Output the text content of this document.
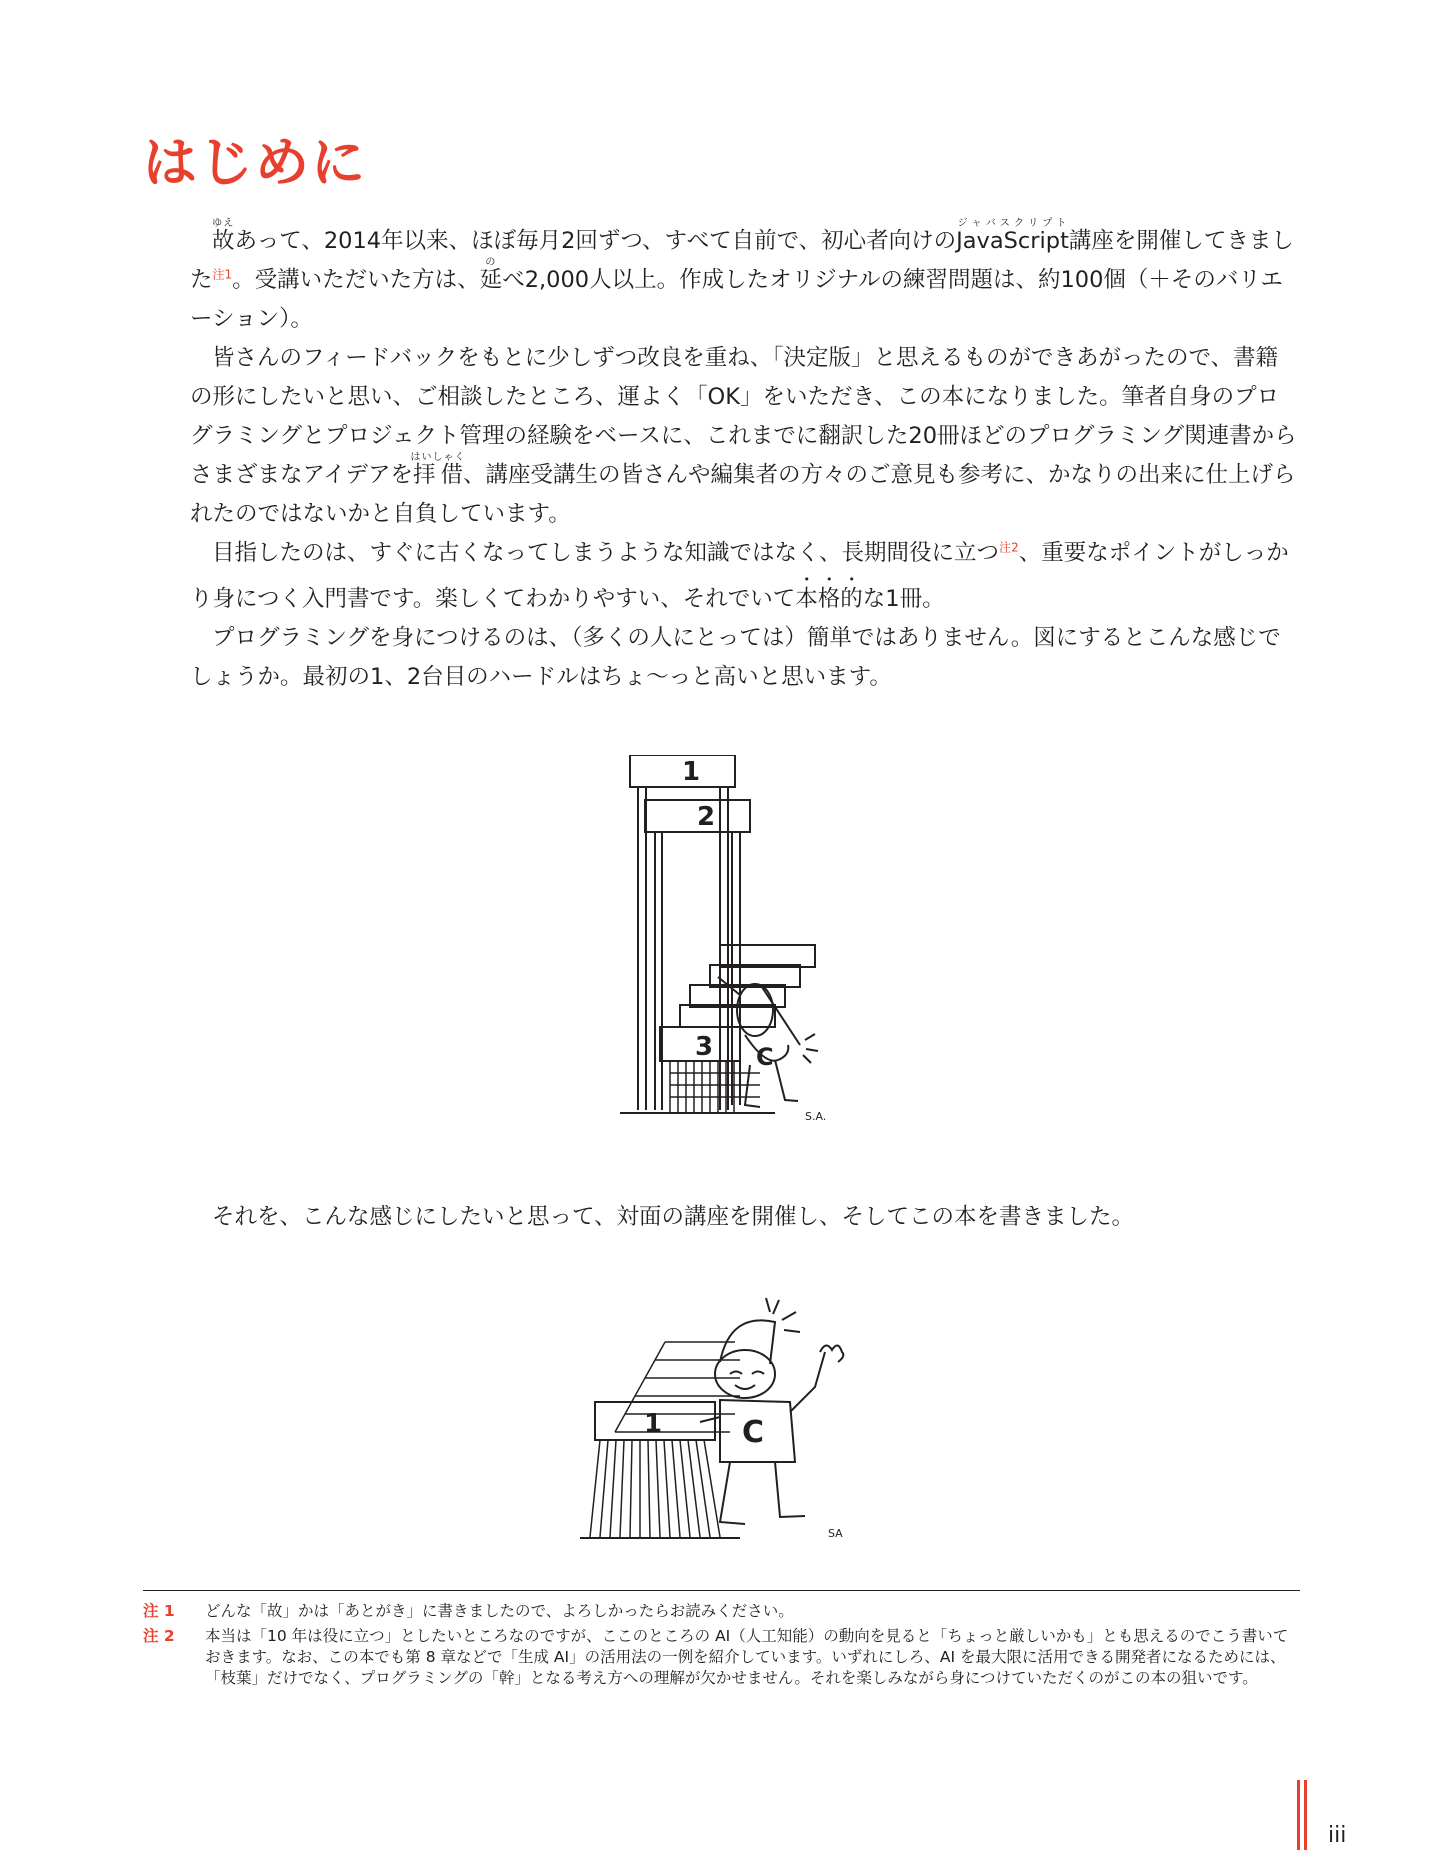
はじめに

故ゆえあって、2014年以来、ほぼ毎月2回ずつ、すべて自前で、初心者向けのJavaScriptジャバスクリプト講座を開催してきました$^{注1}$。受講いただいた方は、延のべ2,000人以上。作成したオリジナルの練習問題は、約100個（＋そのバリエーション）。

皆さんのフィードバックをもとに少しずつ改良を重ね、「決定版」と思えるものができあがったので、書籍の形にしたいと思い、ご相談したところ、運よく「OK」をいただき、この本になりました。筆者自身のプログラミングとプロジェクト管理の経験をベースに、これまでに翻訳した20冊ほどのプログラミング関連書からさまざまなアイデアを拝借はいしゃく、講座受講生の皆さんや編集者の方々のご意見も参考に、かなりの出来に仕上げられたのではないかと自負しています。

目指したのは、すぐに古くなってしまうような知識ではなく、長期間役に立つ$^{注2}$、重要なポイントがしっかり身につく入門書です。楽しくてわかりやすい、それでいて本格的な1冊。

プログラミングを身につけるのは、（多くの人にとっては）簡単ではありません。図にするとこんな感じでしょうか。最初の1、2台目のハードルはちょ〜っと高いと思います。

1
2
3 C
S.A.

それを、こんな感じにしたいと思って、対面の講座を開催し、そしてこの本を書きました。

1	C
SA
注 1	どんな「故」かは「あとがき」に書きましたので、よろしかったらお読みください。
注 2	本当は「10 年は役に立つ」としたいところなのですが、ここのところの AI（人工知能）の動向を見ると「ちょっと厳しいかも」とも思えるのでこう書いておきます。なお、この本でも第 8 章などで「生成 AI」の活用法の一例を紹介しています。いずれにしろ、AI を最大限に活用できる開発者になるためには、「枝葉」だけでなく、プログラミングの「幹」となる考え方への理解が欠かせません。それを楽しみながら身につけていただくのがこの本の狙いです。
iii
